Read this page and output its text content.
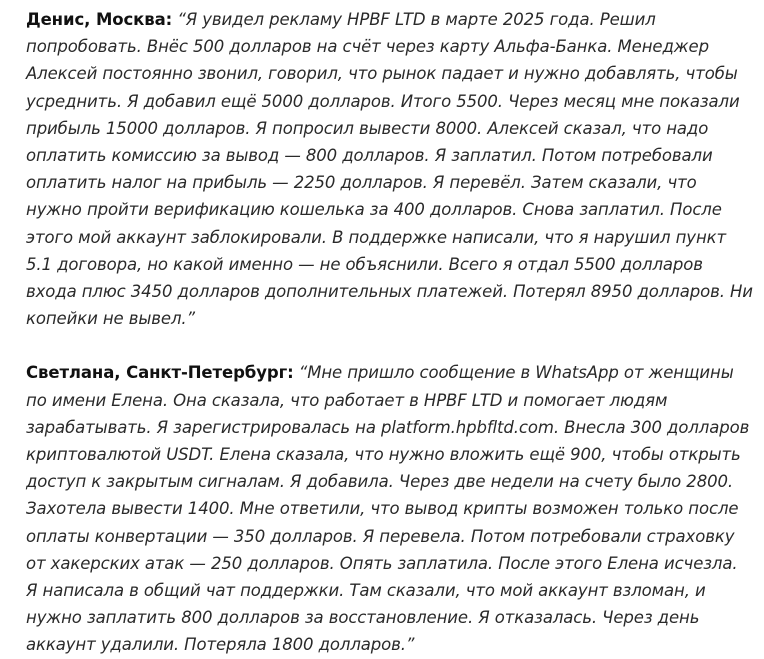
Денис, Москва: “Я увидел рекламу HPBF LTD в марте 2025 года. Решил попробовать. Внёс 500 долларов на счёт через карту Альфа-Банка. Менеджер Алексей постоянно звонил, говорил, что рынок падает и нужно добавлять, чтобы усреднить. Я добавил ещё 5000 долларов. Итого 5500. Через месяц мне показали прибыль 15000 долларов. Я попросил вывести 8000. Алексей сказал, что надо оплатить комиссию за вывод — 800 долларов. Я заплатил. Потом потребовали оплатить налог на прибыль — 2250 долларов. Я перевёл. Затем сказали, что нужно пройти верификацию кошелька за 400 долларов. Снова заплатил. После этого мой аккаунт заблокировали. В поддержке написали, что я нарушил пункт 5.1 договора, но какой именно — не объяснили. Всего я отдал 5500 долларов входа плюс 3450 долларов дополнительных платежей. Потерял 8950 долларов. Ни копейки не вывел.”

Светлана, Санкт-Петербург: “Мне пришло сообщение в WhatsApp от женщины по имени Елена. Она сказала, что работает в HPBF LTD и помогает людям зарабатывать. Я зарегистрировалась на platform.hpbfltd.com. Внесла 300 долларов криптовалютой USDT. Елена сказала, что нужно вложить ещё 900, чтобы открыть доступ к закрытым сигналам. Я добавила. Через две недели на счету было 2800. Захотела вывести 1400. Мне ответили, что вывод крипты возможен только после оплаты конвертации — 350 долларов. Я перевела. Потом потребовали страховку от хакерских атак — 250 долларов. Опять заплатила. После этого Елена исчезла. Я написала в общий чат поддержки. Там сказали, что мой аккаунт взломан, и нужно заплатить 800 долларов за восстановление. Я отказалась. Через день аккаунт удалили. Потеряла 1800 долларов.”
